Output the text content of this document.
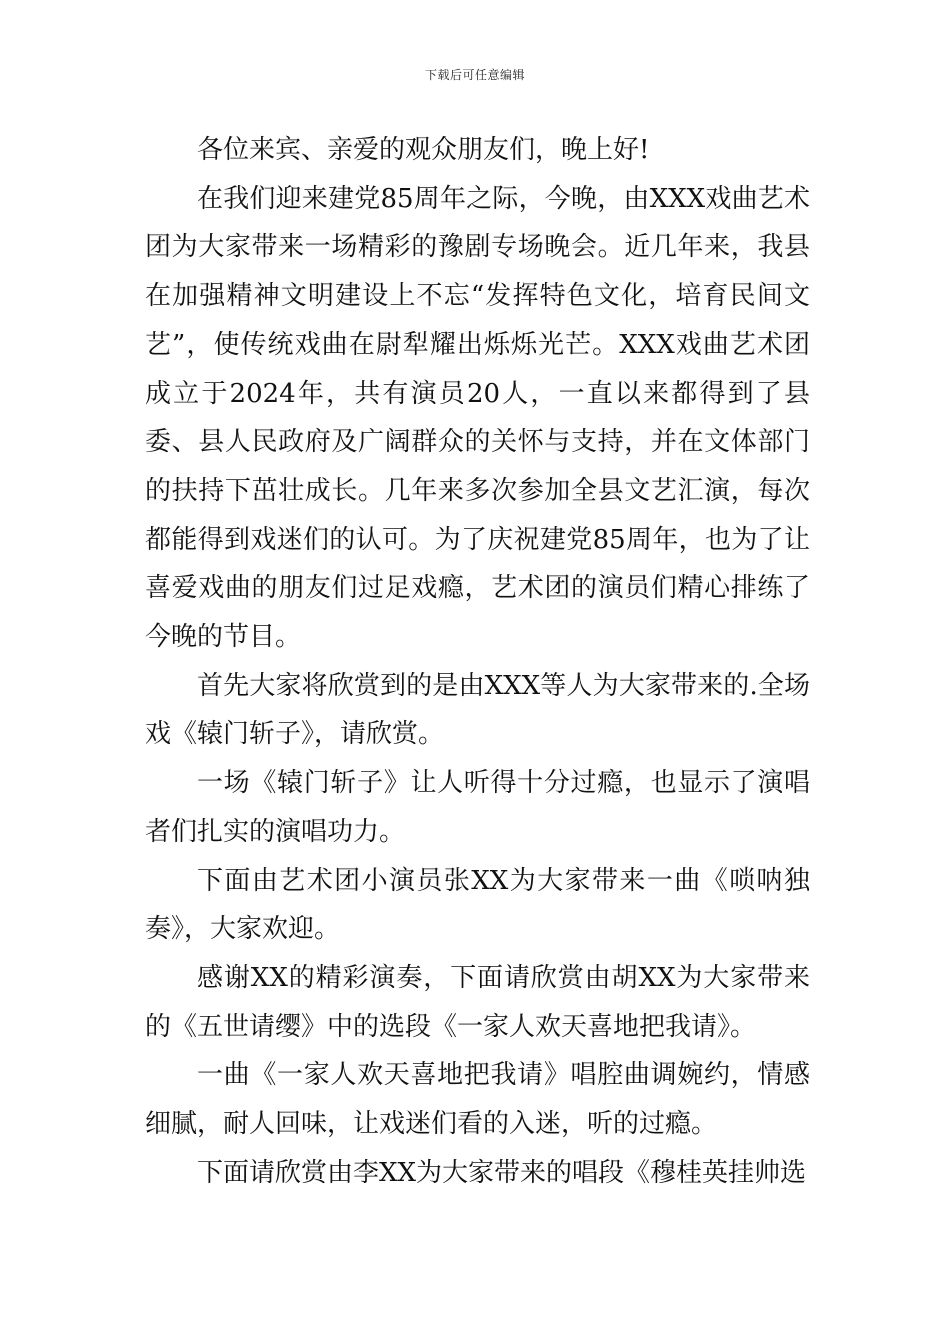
下载后可任意编辑

各位来宾、亲爱的观众朋友们，晚上好!

在我们迎来建党85周年之际，今晚，由XXX戏曲艺术团为大家带来一场精彩的豫剧专场晚会。近几年来，我县在加强精神文明建设上不忘“发挥特色文化，培育民间文艺”，使传统戏曲在尉犁耀出烁烁光芒。XXX戏曲艺术团成立于2024年，共有演员20人，一直以来都得到了县委、县人民政府及广阔群众的关怀与支持，并在文体部门的扶持下茁壮成长。几年来多次参加全县文艺汇演，每次都能得到戏迷们的认可。为了庆祝建党85周年，也为了让喜爱戏曲的朋友们过足戏瘾，艺术团的演员们精心排练了今晚的节目。

首先大家将欣赏到的是由XXX等人为大家带来的.全场戏《辕门斩子》，请欣赏。

一场《辕门斩子》让人听得十分过瘾，也显示了演唱者们扎实的演唱功力。

下面由艺术团小演员张XX为大家带来一曲《唢呐独奏》，大家欢迎。

感谢XX的精彩演奏，下面请欣赏由胡XX为大家带来的《五世请缨》中的选段《一家人欢天喜地把我请》。

一曲《一家人欢天喜地把我请》唱腔曲调婉约，情感细腻，耐人回味，让戏迷们看的入迷，听的过瘾。

下面请欣赏由李XX为大家带来的唱段《穆桂英挂帅选
